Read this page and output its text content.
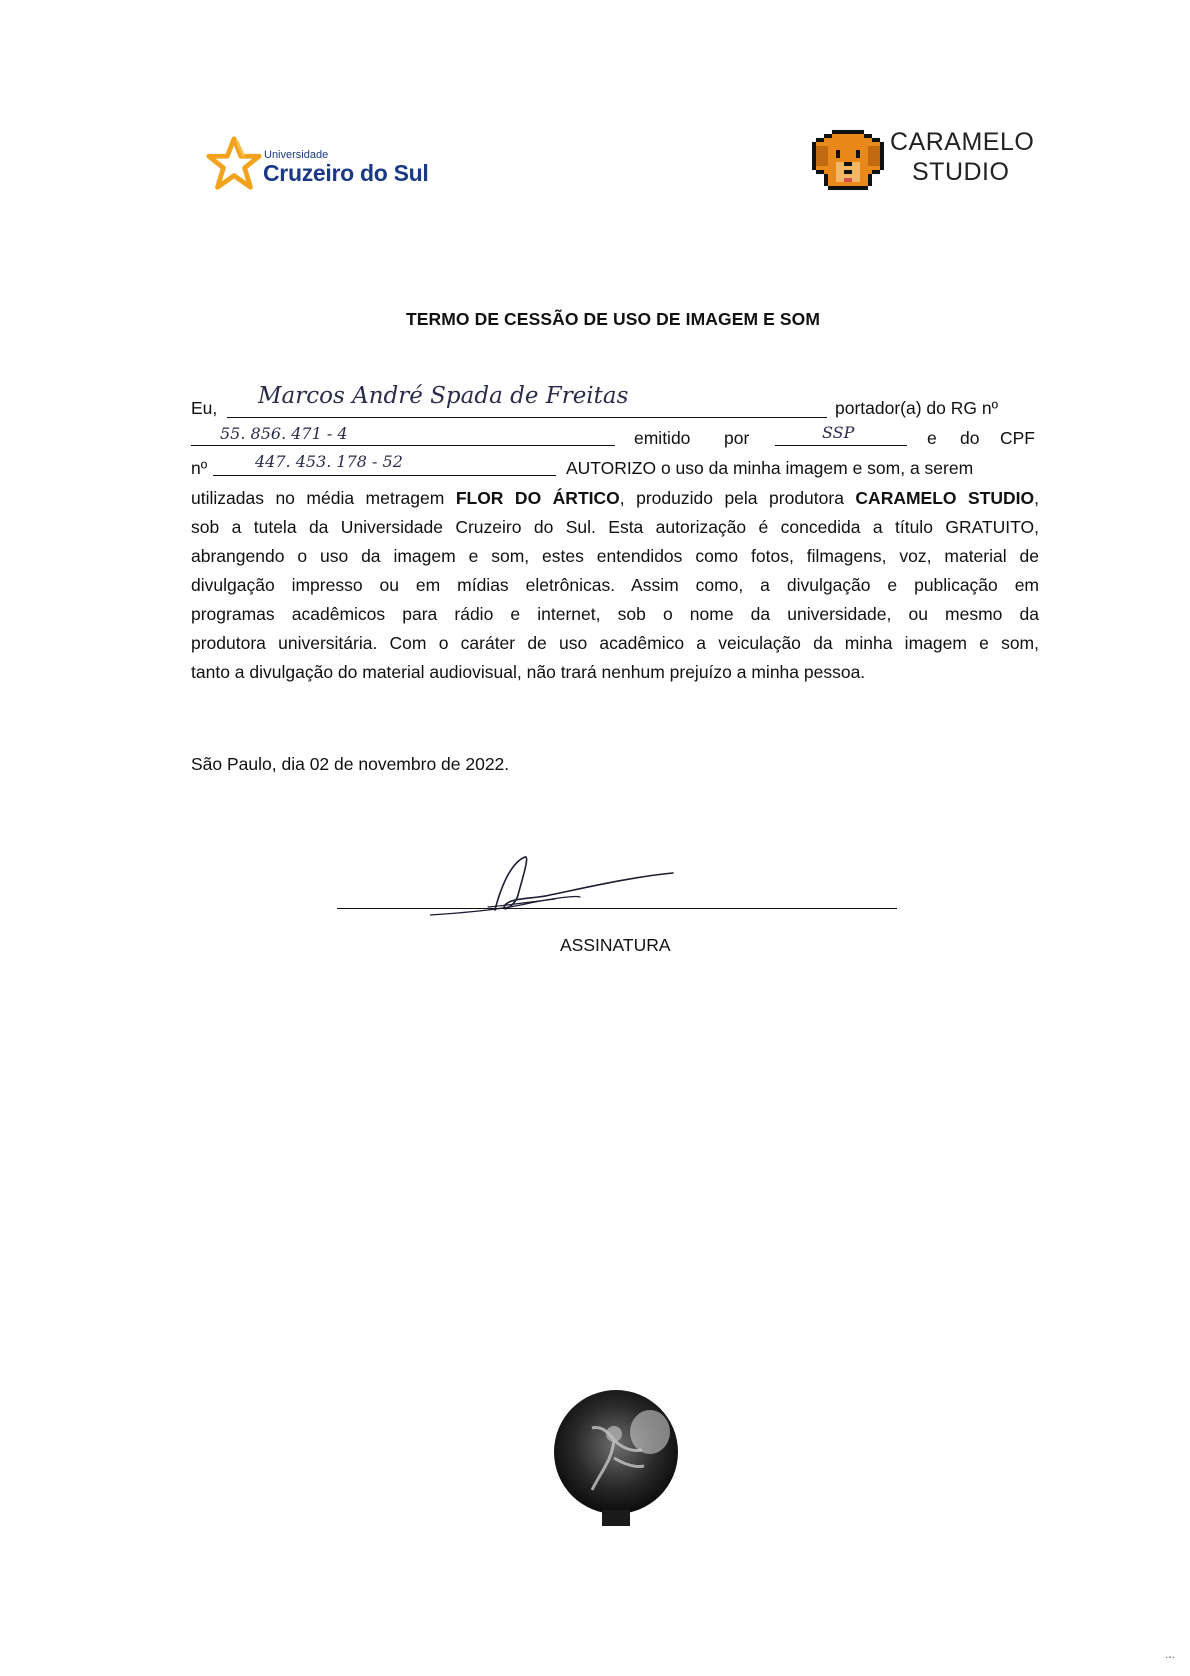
Universidade
Cruzeiro do Sul
CARAMELO
STUDIO
TERMO DE CESSÃO DE USO DE IMAGEM E SOM
Eu, Marcos André Spada de Freitas	portador(a) do RG nº
55. 856. 471 - 4	emitido por	SSP	e do CPF
nº	447. 453. 178 - 52	AUTORIZO o uso da minha imagem e som, a serem
utilizadas no média metragem FLOR DO ÁRTICO, produzido pela produtora CARAMELO STUDIO,
sob a tutela da Universidade Cruzeiro do Sul. Esta autorização é concedida a título GRATUITO,
abrangendo o uso da imagem e som, estes entendidos como fotos, filmagens, voz, material de
divulgação impresso ou em mídias eletrônicas. Assim como, a divulgação e publicação em
programas acadêmicos para rádio e internet, sob o nome da universidade, ou mesmo da
produtora universitária. Com o caráter de uso acadêmico a veiculação da minha imagem e som,
tanto a divulgação do material audiovisual, não trará nenhum prejuízo a minha pessoa.
São Paulo, dia 02 de novembro de 2022.
ASSINATURA
·-·
